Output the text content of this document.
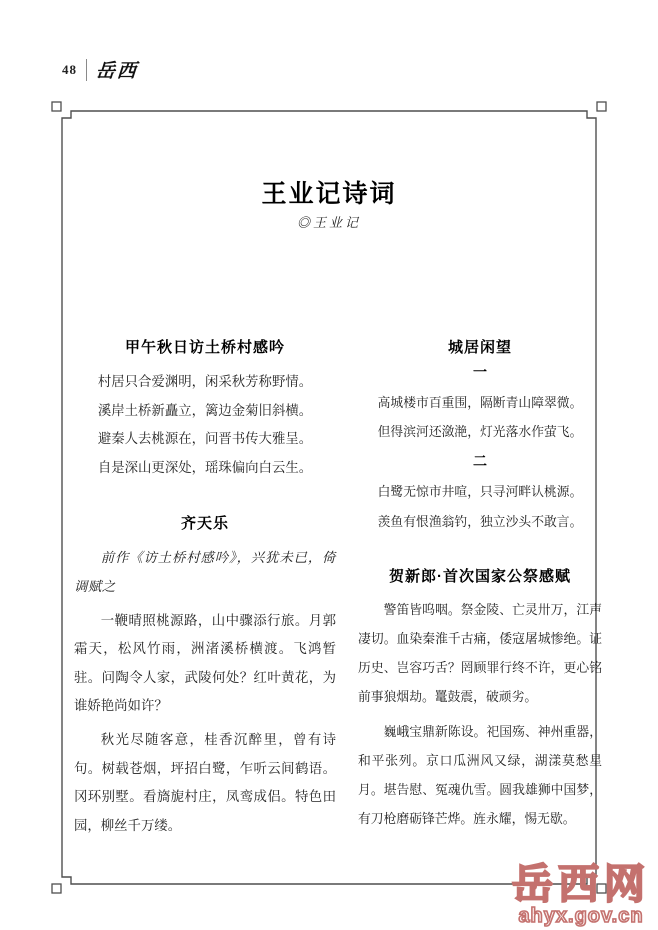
48 岳西
王业记诗词
◎王业记
甲午秋日访土桥村感吟
村居只合爱渊明，闲采秋芳称野情。
溪岸土桥新矗立，篱边金菊旧斜横。
避秦人去桃源在，问晋书传大雅呈。
自是深山更深处，瑶珠偏向白云生。
齐天乐

前作《访土桥村感吟》，兴犹未已，倚调赋之

一鞭晴照桃源路，山中骤添行旅。月郭霜天，松风竹雨，洲渚溪桥横渡。飞鸿暂驻。问陶令人家，武陵何处？红叶黄花，为谁娇艳尚如许？

秋光尽随客意，桂香沉醉里，曾有诗句。树载苍烟，坪招白鹭，乍听云间鹤语。冈环别墅。看旖旎村庄，凤鸾成侣。特色田园，柳丝千万缕。

城居闲望
一
高城楼市百重围，隔断青山障翠微。
但得滨河还潋滟，灯光落水作萤飞。
二
白鹭无惊市井喧，只寻河畔认桃源。
羡鱼有恨渔翁钓，独立沙头不敢言。
贺新郎·首次国家公祭感赋

警笛皆呜咽。祭金陵、亡灵卅万，江声凄切。血染秦淮千古痛，倭寇屠城惨绝。证历史、岂容巧舌？罔顾罪行终不许，更心铭前事狼烟劫。鼍鼓震，破顽劣。

巍峨宝鼎新陈设。祀国殇、神州重器，和平张列。京口瓜洲风又绿，湖漾莫愁星月。堪告慰、冤魂仇雪。圆我雄狮中国梦，有刀枪磨砺锋芒烨。旌永耀，惕无歇。

岳西网
ahyx.gov.cn
